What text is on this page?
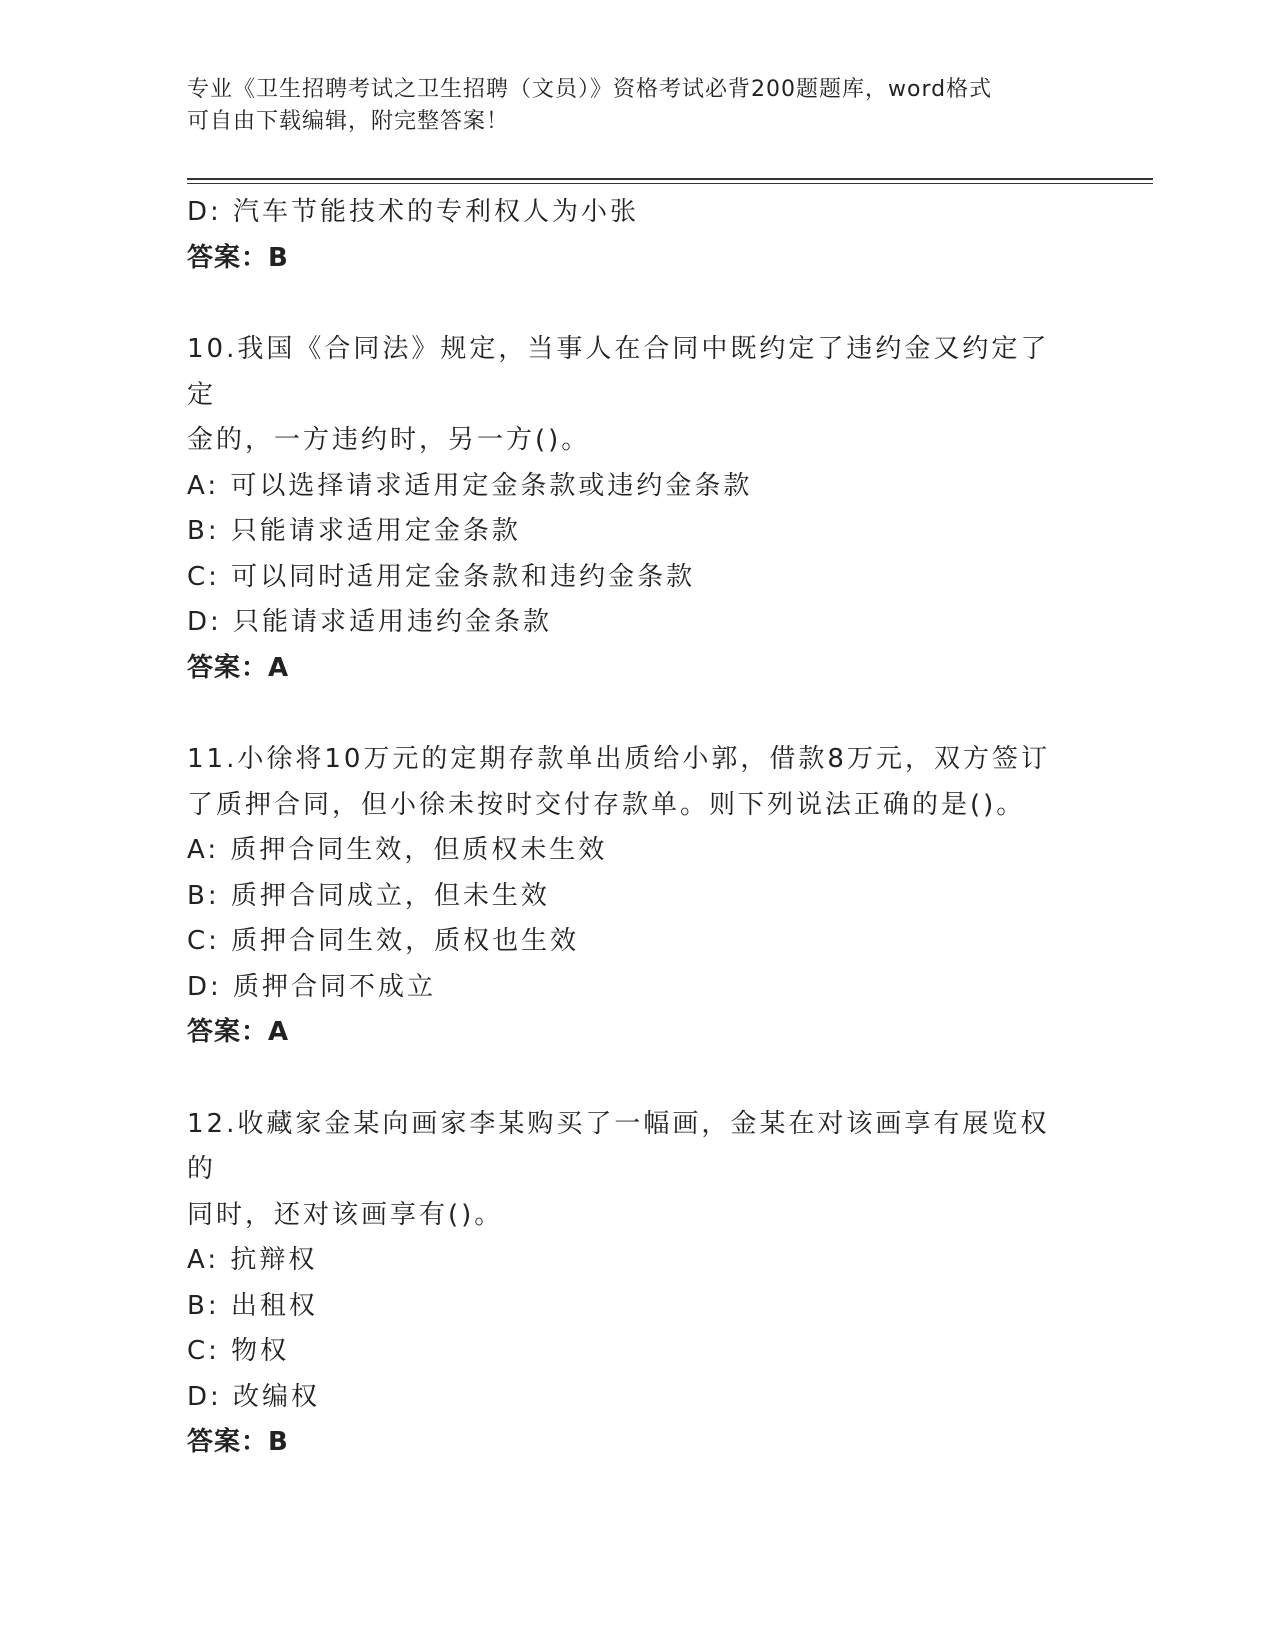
专业《卫生招聘考试之卫生招聘（文员）》资格考试必背200题题库，word格式
可自由下载编辑，附完整答案！
D: 汽车节能技术的专利权人为小张
答案：B
10.我国《合同法》规定，当事人在合同中既约定了违约金又约定了定
金的，一方违约时，另一方()。
A: 可以选择请求适用定金条款或违约金条款
B: 只能请求适用定金条款
C: 可以同时适用定金条款和违约金条款
D: 只能请求适用违约金条款
答案：A
11.小徐将10万元的定期存款单出质给小郭，借款8万元，双方签订
了质押合同，但小徐未按时交付存款单。则下列说法正确的是()。
A: 质押合同生效，但质权未生效
B: 质押合同成立，但未生效
C: 质押合同生效，质权也生效
D: 质押合同不成立
答案：A
12.收藏家金某向画家李某购买了一幅画，金某在对该画享有展览权的
同时，还对该画享有()。
A: 抗辩权
B: 出租权
C: 物权
D: 改编权
答案：B
